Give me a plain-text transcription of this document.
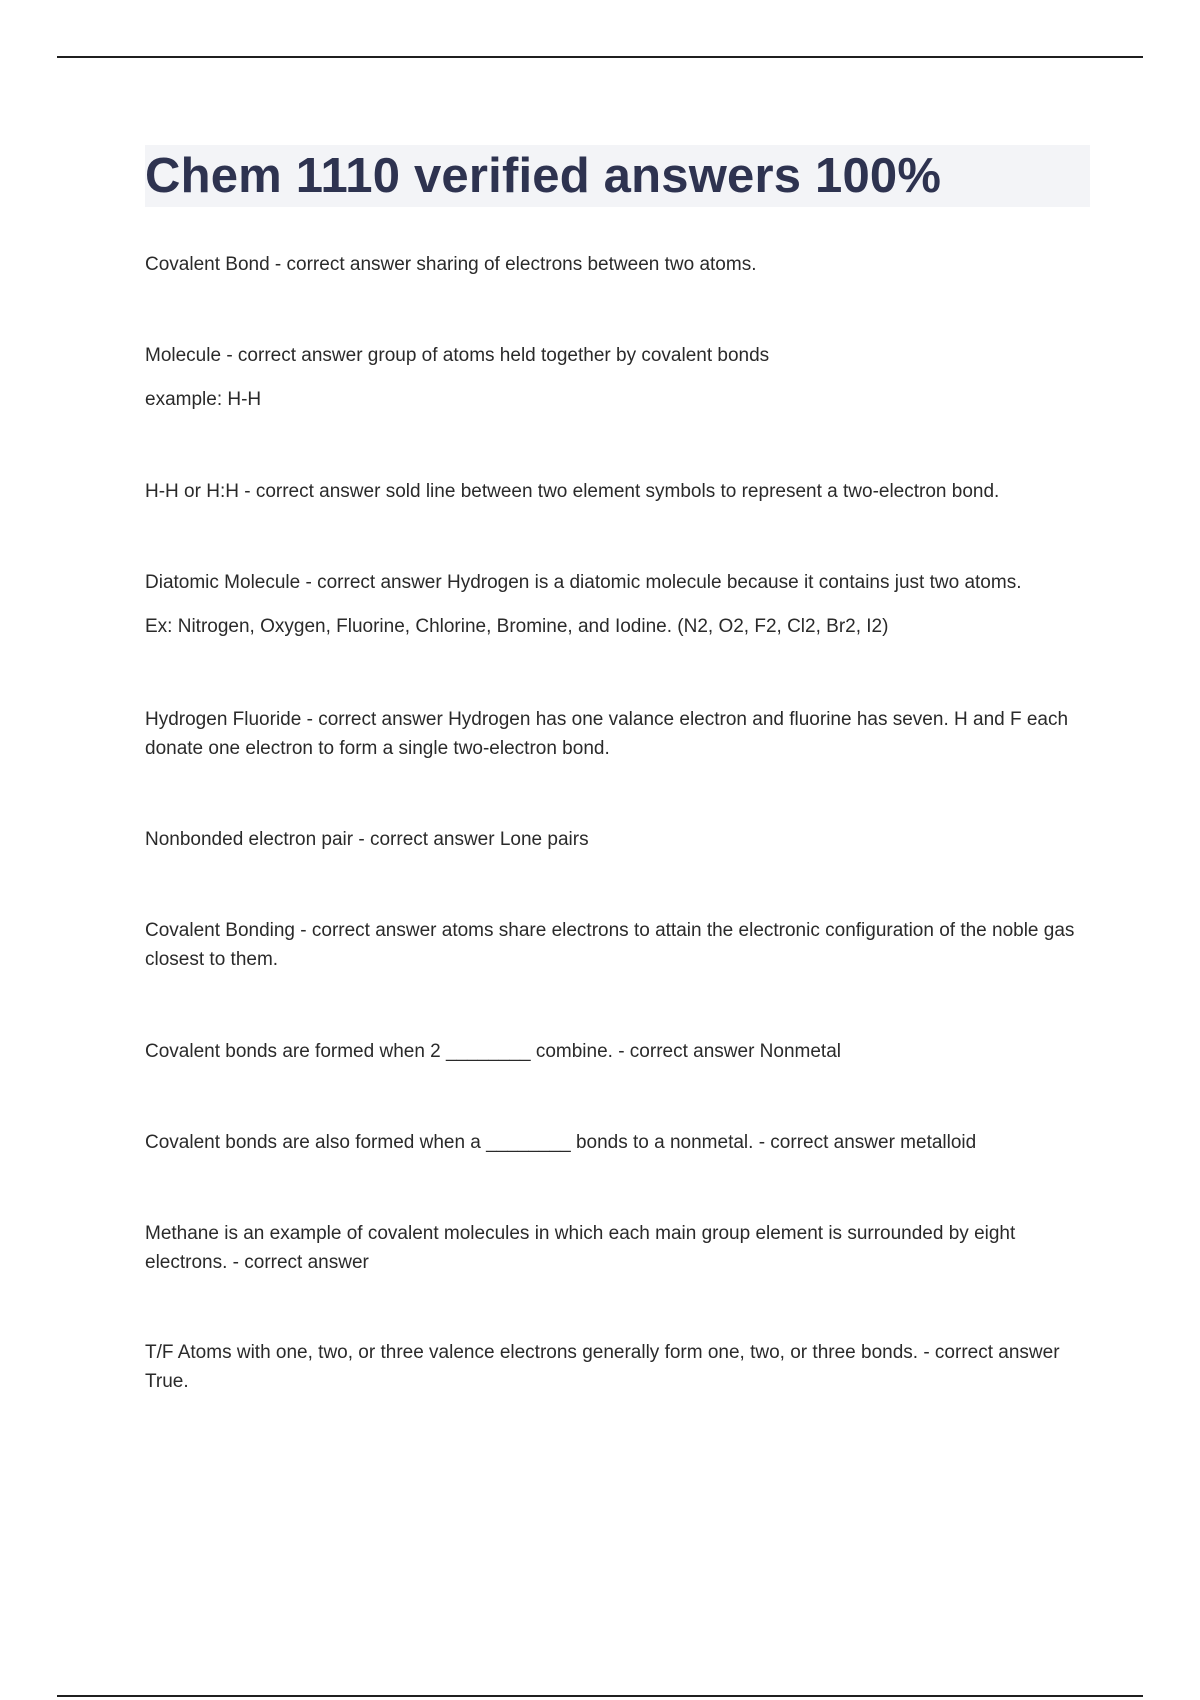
Chem 1110 verified answers 100%

Covalent Bond - correct answer sharing of electrons between two atoms.

Molecule - correct answer group of atoms held together by covalent bonds

example: H-H

H-H or H:H - correct answer sold line between two element symbols to represent a two-electron bond.

Diatomic Molecule - correct answer Hydrogen is a diatomic molecule because it contains just two atoms.

Ex: Nitrogen, Oxygen, Fluorine, Chlorine, Bromine, and Iodine. (N2, O2, F2, Cl2, Br2, I2)

Hydrogen Fluoride - correct answer Hydrogen has one valance electron and fluorine has seven. H and F each donate one electron to form a single two-electron bond.

Nonbonded electron pair - correct answer Lone pairs

Covalent Bonding - correct answer atoms share electrons to attain the electronic configuration of the noble gas closest to them.

Covalent bonds are formed when 2 ________ combine. - correct answer Nonmetal

Covalent bonds are also formed when a ________ bonds to a nonmetal. - correct answer metalloid

Methane is an example of covalent molecules in which each main group element is surrounded by eight electrons. - correct answer

T/F Atoms with one, two, or three valence electrons generally form one, two, or three bonds. - correct answer True.
